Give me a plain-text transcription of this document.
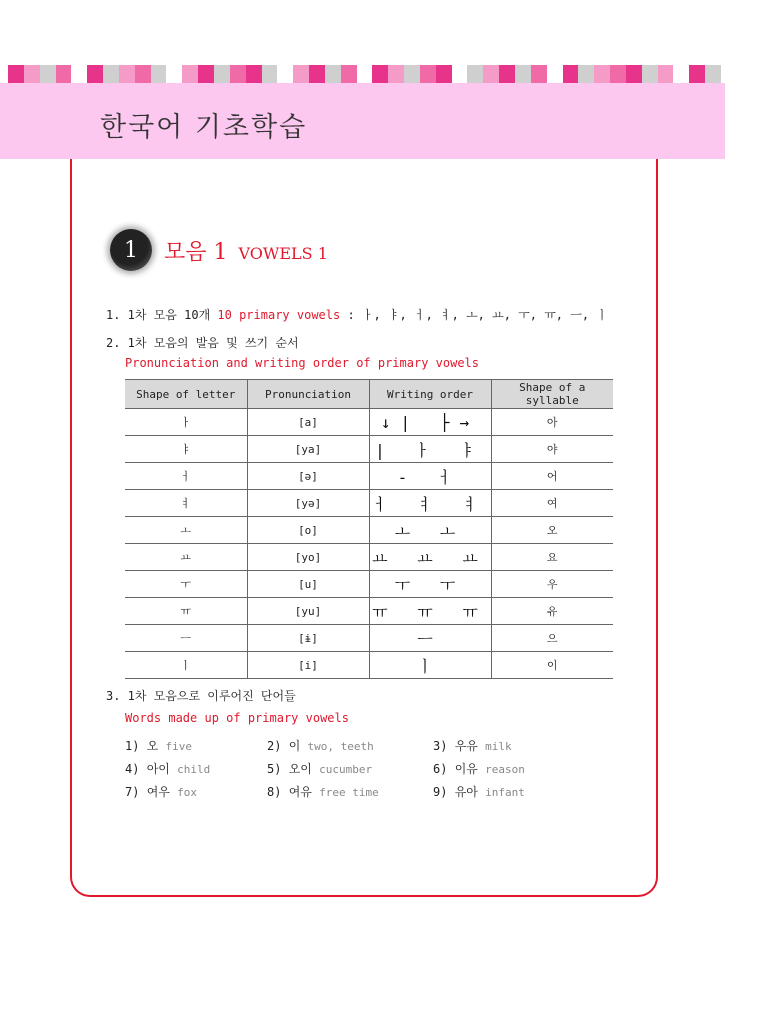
한국어 기초학습
1	모음 1 VOWELS 1
1. 1차 모음 10개 10 primary vowels : ㅏ, ㅑ, ㅓ, ㅕ, ㅗ, ㅛ, ㅜ, ㅠ, ㅡ, ㅣ
2. 1차 모음의 발음 및 쓰기 순서
Pronunciation and writing order of primary vowels
Shape of letter	Pronunciation	Writing order	Shape of a syllable
ㅏ	[a]	↓| ├→	아
ㅑ	[ya]	| ㅏ ㅑ	야
ㅓ	[ə]	- ㅓ	어
ㅕ	[yə]	ㅓ ㅕ ㅕ	여
ㅗ	[o]	ㅗ ㅗ	오
ㅛ	[yo]	ㅛ ㅛ ㅛ	요
ㅜ	[u]	ㅜ ㅜ	우
ㅠ	[yu]	ㅠ ㅠ ㅠ	유
ㅡ	[ɨ]	ㅡ	으
ㅣ	[i]	ㅣ	이
3. 1차 모음으로 이루어진 단어들
Words made up of primary vowels
1) 오 five	2) 이 two, teeth	3) 우유 milk
4) 아이 child	5) 오이 cucumber	6) 이유 reason
7) 여우 fox	8) 여유 free time	9) 유아 infant
